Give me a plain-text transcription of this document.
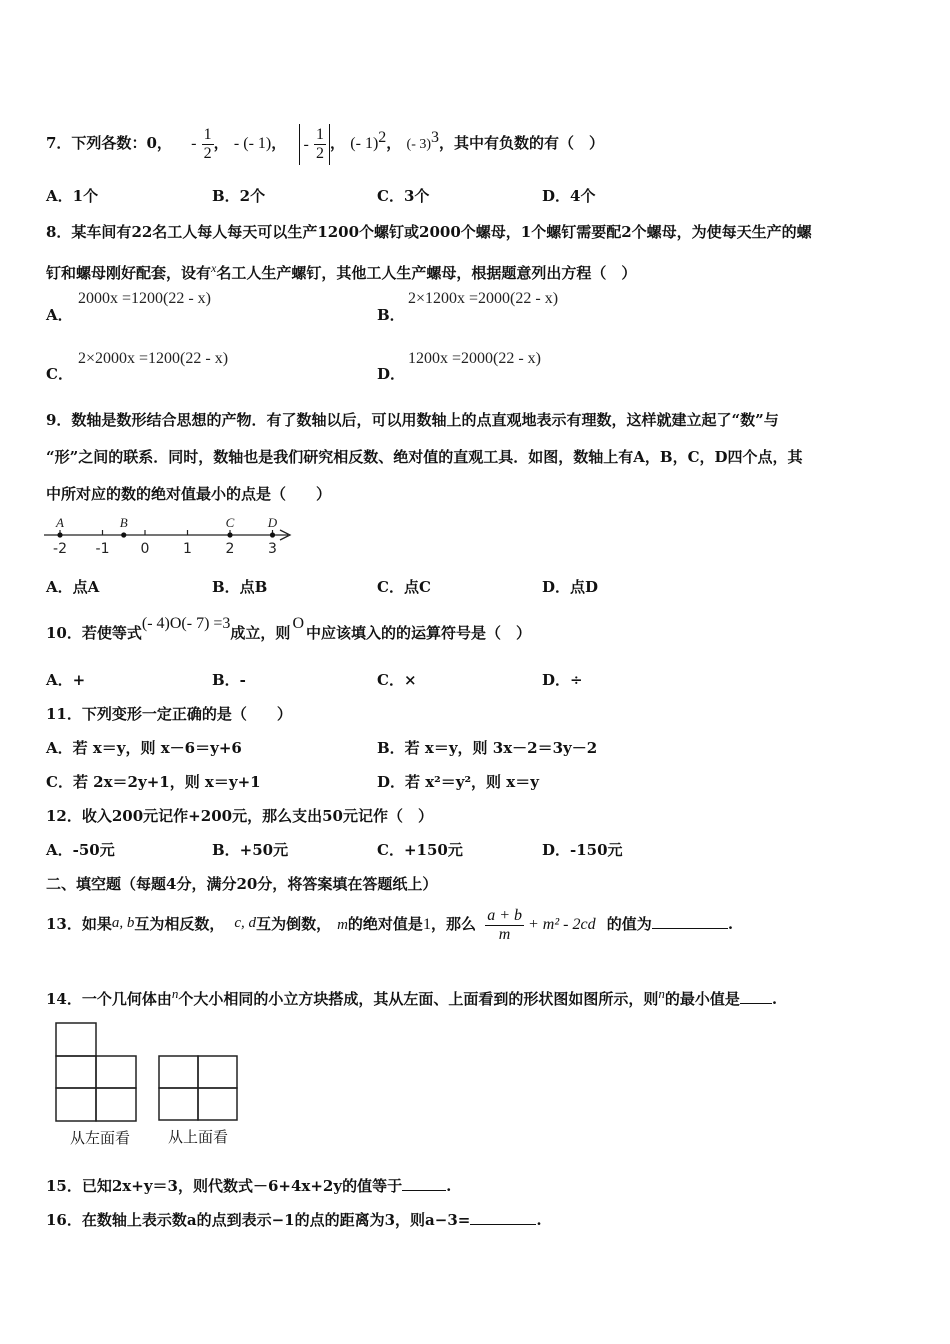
7．下列各数：0， - $\frac{1}{2}$ ， - (- 1)， - $\frac{1}{2}$ ， (- 1)$^2$， (- 3)$^3$，其中有负数的有（　）
A．1个	B．2个	C．3个	D．4个
8．某车间有22名工人每人每天可以生产1200个螺钉或2000个螺母，1个螺钉需要配2个螺母，为使每天生产的螺
钉和螺母刚好配套，设有$^x$名工人生产螺钉，其他工人生产螺母，根据题意列出方程（　）
A．
2000x =1200(22 - x)
B．
2×1200x =2000(22 - x)
C．
2×2000x =1200(22 - x)
D．
1200x =2000(22 - x)
9．数轴是数形结合思想的产物．有了数轴以后，可以用数轴上的点直观地表示有理数，这样就建立起了“数”与
“形”之间的联系．同时，数轴也是我们研究相反数、绝对值的直观工具．如图，数轴上有A，B，C，D四个点，其
中所对应的数的绝对值最小的点是（　　）
-2 -1 0 1 2 3
A	B	C	D
A．点A	B．点B	C．点C	D．点D
10．若使等式(- 4)O(- 7) =3成立，则O中应该填入的的运算符号是（　）
A．+	B．-	C．×	D．÷
11．下列变形一定正确的是（　　）
A．若 x＝y，则 x－6＝y+6	B．若 x＝y，则 3x－2＝3y－2
C．若 2x＝2y+1，则 x＝y+1	D．若 x²＝y²，则 x＝y
12．收入200元记作+200元，那么支出50元记作（　）
A．-50元	B．+50元	C．+150元	D．-150元
二、填空题（每题4分，满分20分，将答案填在答题纸上）
13．如果a, b互为相反数， c, d互为倒数， m的绝对值是1，那么 $\frac{a + b}{m} + m^2 - 2cd$ 的值为	.
14．一个几何体由$^n$个大小相同的小立方块搭成，其从左面、上面看到的形状图如图所示，则$^n$的最小值是 .
从左面看	从上面看
15．已知2x+y＝3，则代数式－6+4x+2y的值等于	.
16．在数轴上表示数a的点到表示−1的点的距离为3，则a−3=	.
